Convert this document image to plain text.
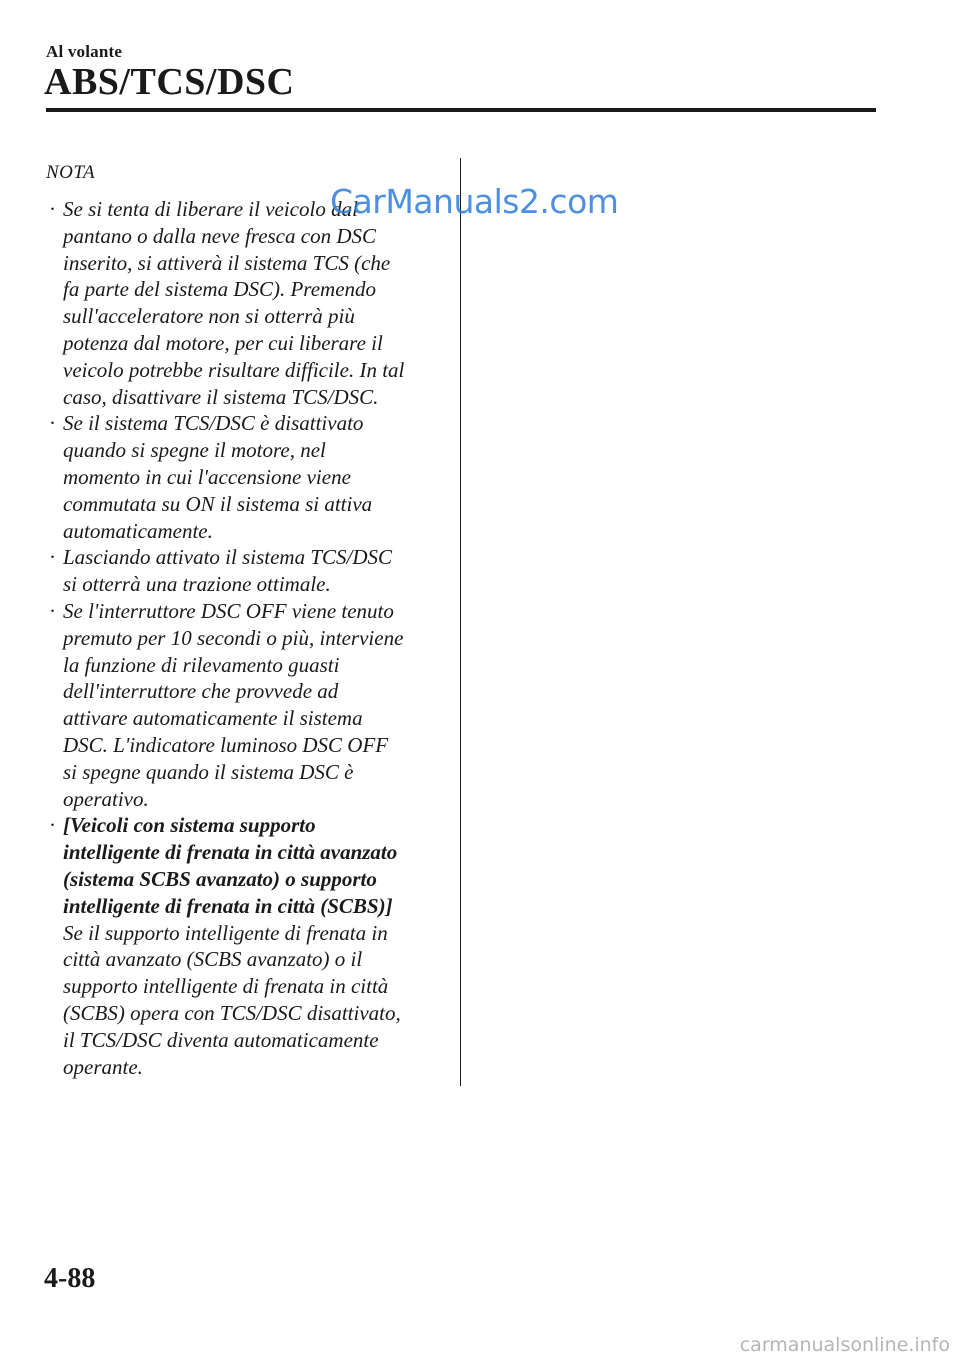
Al volante
ABS/TCS/DSC

NOTA

· Se si tenta di liberare il veicolo dal
pantano o dalla neve fresca con DSC
inserito, si attiverà il sistema TCS (che
fa parte del sistema DSC). Premendo
sull'acceleratore non si otterrà più
potenza dal motore, per cui liberare il
veicolo potrebbe risultare difficile. In tal
caso, disattivare il sistema TCS/DSC.
· Se il sistema TCS/DSC è disattivato
quando si spegne il motore, nel
momento in cui l'accensione viene
commutata su ON il sistema si attiva
automaticamente.
· Lasciando attivato il sistema TCS/DSC
si otterrà una trazione ottimale.
· Se l'interruttore DSC OFF viene tenuto
premuto per 10 secondi o più, interviene
la funzione di rilevamento guasti
dell'interruttore che provvede ad
attivare automaticamente il sistema
DSC. L'indicatore luminoso DSC OFF
si spegne quando il sistema DSC è
operativo.
· [Veicoli con sistema supporto
intelligente di frenata in città avanzato
(sistema SCBS avanzato) o supporto
intelligente di frenata in città (SCBS)]
Se il supporto intelligente di frenata in
città avanzato (SCBS avanzato) o il
supporto intelligente di frenata in città
(SCBS) opera con TCS/DSC disattivato,
il TCS/DSC diventa automaticamente
operante.
CarManuals2.com
4-88
carmanualsonline.info
